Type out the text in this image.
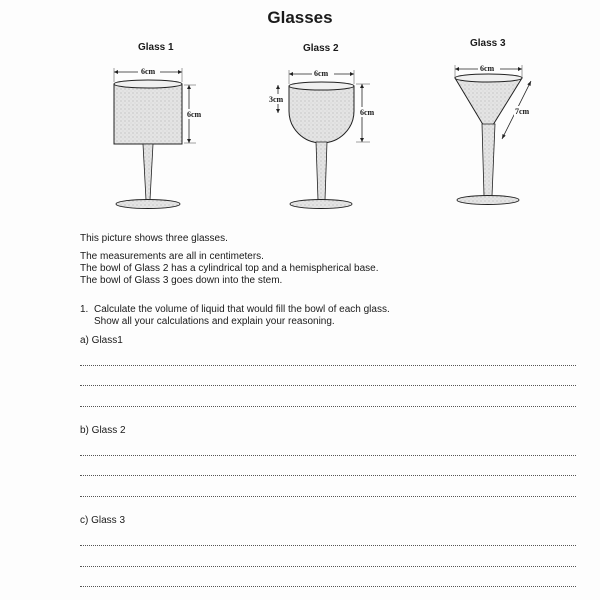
Glasses
Glass 1	Glass 2	Glass 3
6cm
6cm
6cm
3cm
6cm
6cm
7cm
This picture shows three glasses.
The measurements are all in centimeters.
The bowl of Glass 2 has a cylindrical top and a hemispherical base.
The bowl of Glass 3 goes down into the stem.
1. Calculate the volume of liquid that would fill the bowl of each glass.
Show all your calculations and explain your reasoning.
a) Glass1
b) Glass 2
c) Glass 3
